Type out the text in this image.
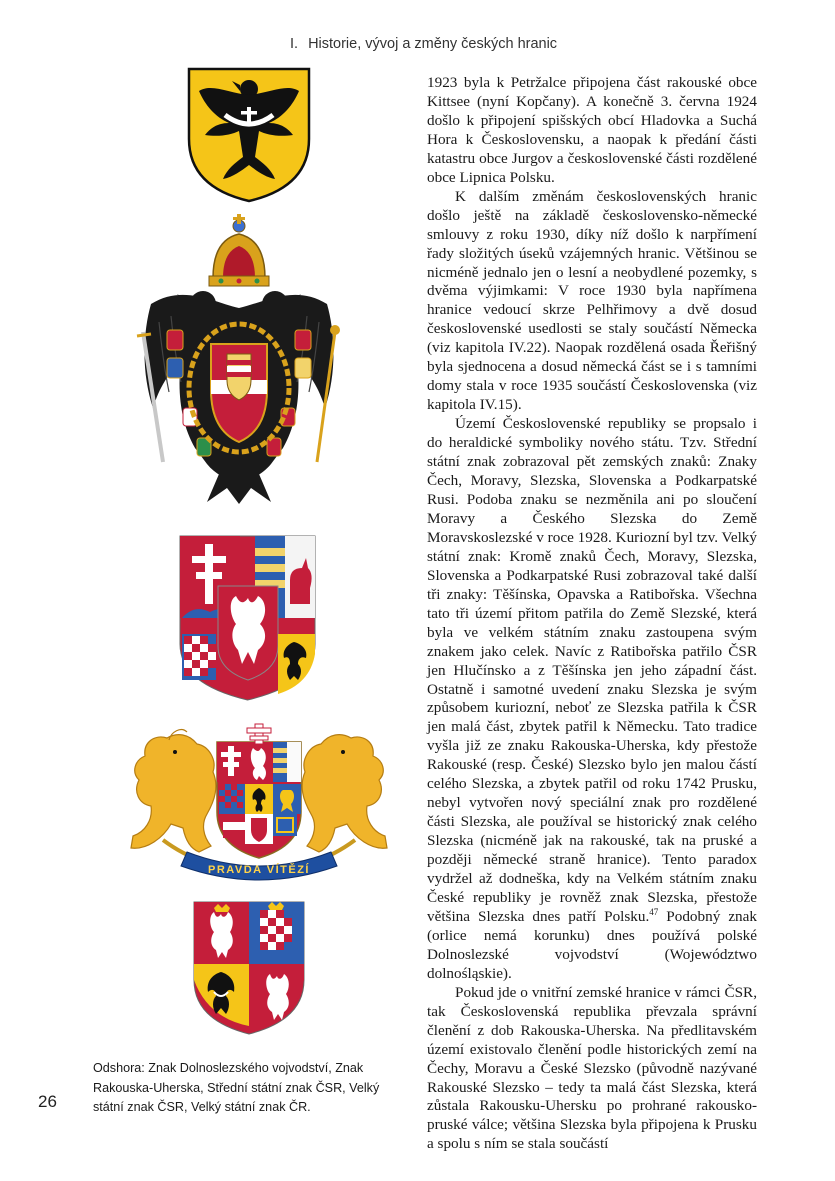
I. Historie, vývoj a změny českých hranic
PRAVDA VÍTĚZÍ

1923 byla k Petržalce připojena část rakouské obce Kittsee (nyní Kopčany). A konečně 3. června 1924 došlo k připojení spišských obcí Hladovka a Suchá Hora k Československu, a naopak k předání části katastru obce Jurgov a československé části rozdělené obce Lipnica Polsku.

K dalším změnám československých hranic došlo ještě na základě československo-německé smlouvy z roku 1930, díky níž došlo k narpřímení řady složitých úseků vzájemných hranic. Většinou se nicméně jednalo jen o lesní a neobydlené pozemky, s dvěma výjimkami: V roce 1930 byla napřímena hranice vedoucí skrze Pelhřimovy a dvě dosud československé usedlosti se staly součástí Německa (viz kapitola IV.22). Naopak rozdělená osada Řeřišný byla sjednocena a dosud německá část se i s tamními domy stala v roce 1935 součástí Československa (viz kapitola IV.15).

Území Československé republiky se propsalo i do heraldické symboliky nového státu. Tzv. Střední státní znak zobrazoval pět zemských znaků: Znaky Čech, Moravy, Slezska, Slovenska a Podkarpatské Rusi. Podoba znaku se nezměnila ani po sloučení Moravy a Českého Slezska do Země Moravskoslezské v roce 1928. Kuriozní byl tzv. Velký státní znak: Kromě znaků Čech, Moravy, Slezska, Slovenska a Podkarpatské Rusi zobrazoval také další tři znaky: Těšínska, Opavska a Ratibořska. Všechna tato tři území přitom patřila do Země Slezské, která byla ve velkém státním znaku zastoupena svým znakem jako celek. Navíc z Ratibořska patřilo ČSR jen Hlučínsko a z Těšínska jen jeho západní část. Ostatně i samotné uvedení znaku Slezska je svým způsobem kuriozní, neboť ze Slezska patřila k ČSR jen malá část, zbytek patřil k Německu. Tato tradice vyšla již ze znaku Rakouska-Uherska, kdy přestože Rakouské (resp. České) Slezsko bylo jen malou částí celého Slezska, a zbytek patřil od roku 1742 Prusku, nebyl vytvořen nový speciální znak pro rozdělené části Slezska, ale používal se historický znak celého Slezska (nicméně jak na rakouské, tak na pruské a později německé straně hranice). Tento paradox vydržel až dodneška, kdy na Velkém státním znaku České republiky je rovněž znak Slezska, přestože většina Slezska dnes patří Polsku.$^{47}$ Podobný znak (orlice nemá korunku) dnes používá polské Dolnoslezské vojvodství (Województwo dolnośląskie).

Pokud jde o vnitřní zemské hranice v rámci ČSR, tak Československá republika převzala správní členění z dob Rakouska-Uherska. Na předlitavském území existovalo členění podle historických zemí na Čechy, Moravu a České Slezsko (původně nazývané Rakouské Slezsko – tedy ta malá část Slezska, která zůstala Rakousku-Uhersku po prohrané rakousko-pruské válce; většina Slezska byla připojena k Prusku a spolu s ním se stala součástí

Odshora: Znak Dolnoslezského vojvodství, Znak Rakouska-Uherska, Střední státní znak ČSR, Velký státní znak ČSR, Velký státní znak ČR.
26
